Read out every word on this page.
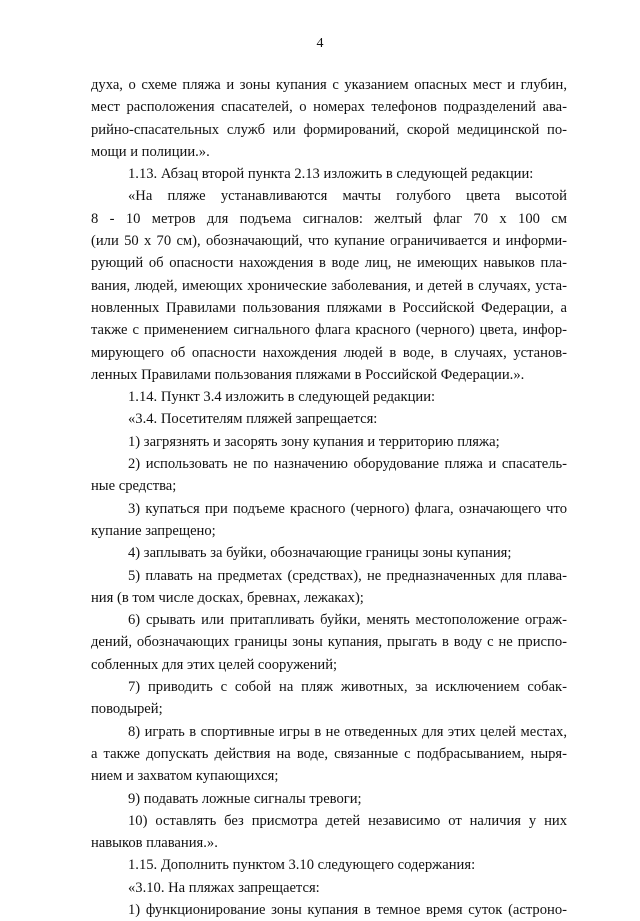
4
духа, о схеме пляжа и зоны купания с указанием опасных мест и глубин,
мест расположения спасателей, о номерах телефонов подразделений ава-
рийно-спасательных служб или формирований, скорой медицинской по-
мощи и полиции.».
1.13. Абзац второй пункта 2.13 изложить в следующей редакции:
«На пляже устанавливаются мачты голубого цвета высотой
8 - 10 метров для подъема сигналов: желтый флаг 70 х 100 см
(или 50 х 70 см), обозначающий, что купание ограничивается и информи-
рующий об опасности нахождения в воде лиц, не имеющих навыков пла-
вания, людей, имеющих хронические заболевания, и детей в случаях, уста-
новленных Правилами пользования пляжами в Российской Федерации, а
также с применением сигнального флага красного (черного) цвета, инфор-
мирующего об опасности нахождения людей в воде, в случаях, установ-
ленных Правилами пользования пляжами в Российской Федерации.».
1.14. Пункт 3.4 изложить в следующей редакции:
«3.4. Посетителям пляжей запрещается:
1) загрязнять и засорять зону купания и территорию пляжа;
2) использовать не по назначению оборудование пляжа и спасатель-
ные средства;
3) купаться при подъеме красного (черного) флага, означающего что
купание запрещено;
4) заплывать за буйки, обозначающие границы зоны купания;
5) плавать на предметах (средствах), не предназначенных для плава-
ния (в том числе досках, бревнах, лежаках);
6) срывать или притапливать буйки, менять местоположение ограж-
дений, обозначающих границы зоны купания, прыгать в воду с не приспо-
собленных для этих целей сооружений;
7) приводить с собой на пляж животных, за исключением собак-
поводырей;
8) играть в спортивные игры в не отведенных для этих целей местах,
а также допускать действия на воде, связанные с подбрасыванием, ныря-
нием и захватом купающихся;
9) подавать ложные сигналы тревоги;
10) оставлять без присмотра детей независимо от наличия у них
навыков плавания.».
1.15. Дополнить пунктом 3.10 следующего содержания:
«3.10. На пляжах запрещается:
1) функционирование зоны купания в темное время суток (астроно-
